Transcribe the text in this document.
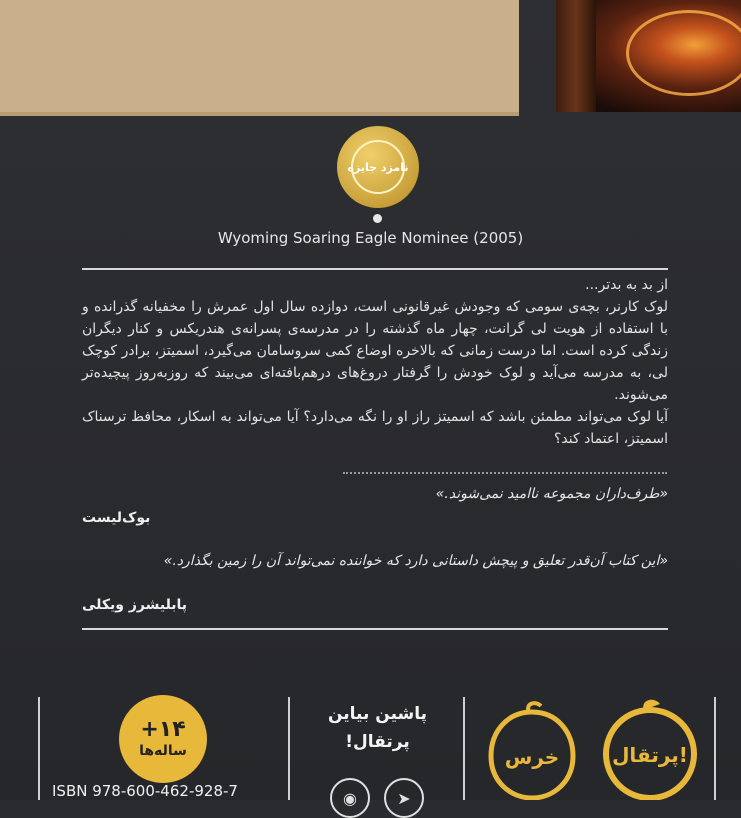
نامزد جایزه
Wyoming Soaring Eagle Nominee (2005)

از بد به بدتر...

لوک کارنر، بچه‌ی سومی که وجودش غیرقانونی است، دوازده سال اول عمرش را مخفیانه گذرانده و با استفاده از هویت لی گرانت، چهار ماه گذشته را در مدرسه‌ی پسرانه‌ی هندریکس و کنار دیگران زندگی کرده است. اما درست زمانی که بالاخره اوضاع کمی سروسامان می‌گیرد، اسمیتز، برادر کوچک لی، به مدرسه می‌آید و لوک خودش را گرفتار دروغ‌های درهم‌بافته‌ای می‌بیند که روزبه‌روز پیچیده‌تر می‌شوند.

آیا لوک می‌تواند مطمئن باشد که اسمیتز راز او را نگه می‌دارد؟ آیا می‌تواند به اسکار، محافظ ترسناک اسمیتز، اعتماد کند؟

«طرف‌داران مجموعه ناامید نمی‌شوند.»
بوک‌لیست
«این کتاب آن‌قدر تعلیق و پیچش داستانی دارد که خواننده نمی‌تواند آن را زمین بگذارد.»
پابلیشرز ویکلی
+۱۴
ساله‌ها
ISBN 978-600-462-928-7
پاشین بیاین
پرتقال!
◉	➤
خرس	پرتقال!
